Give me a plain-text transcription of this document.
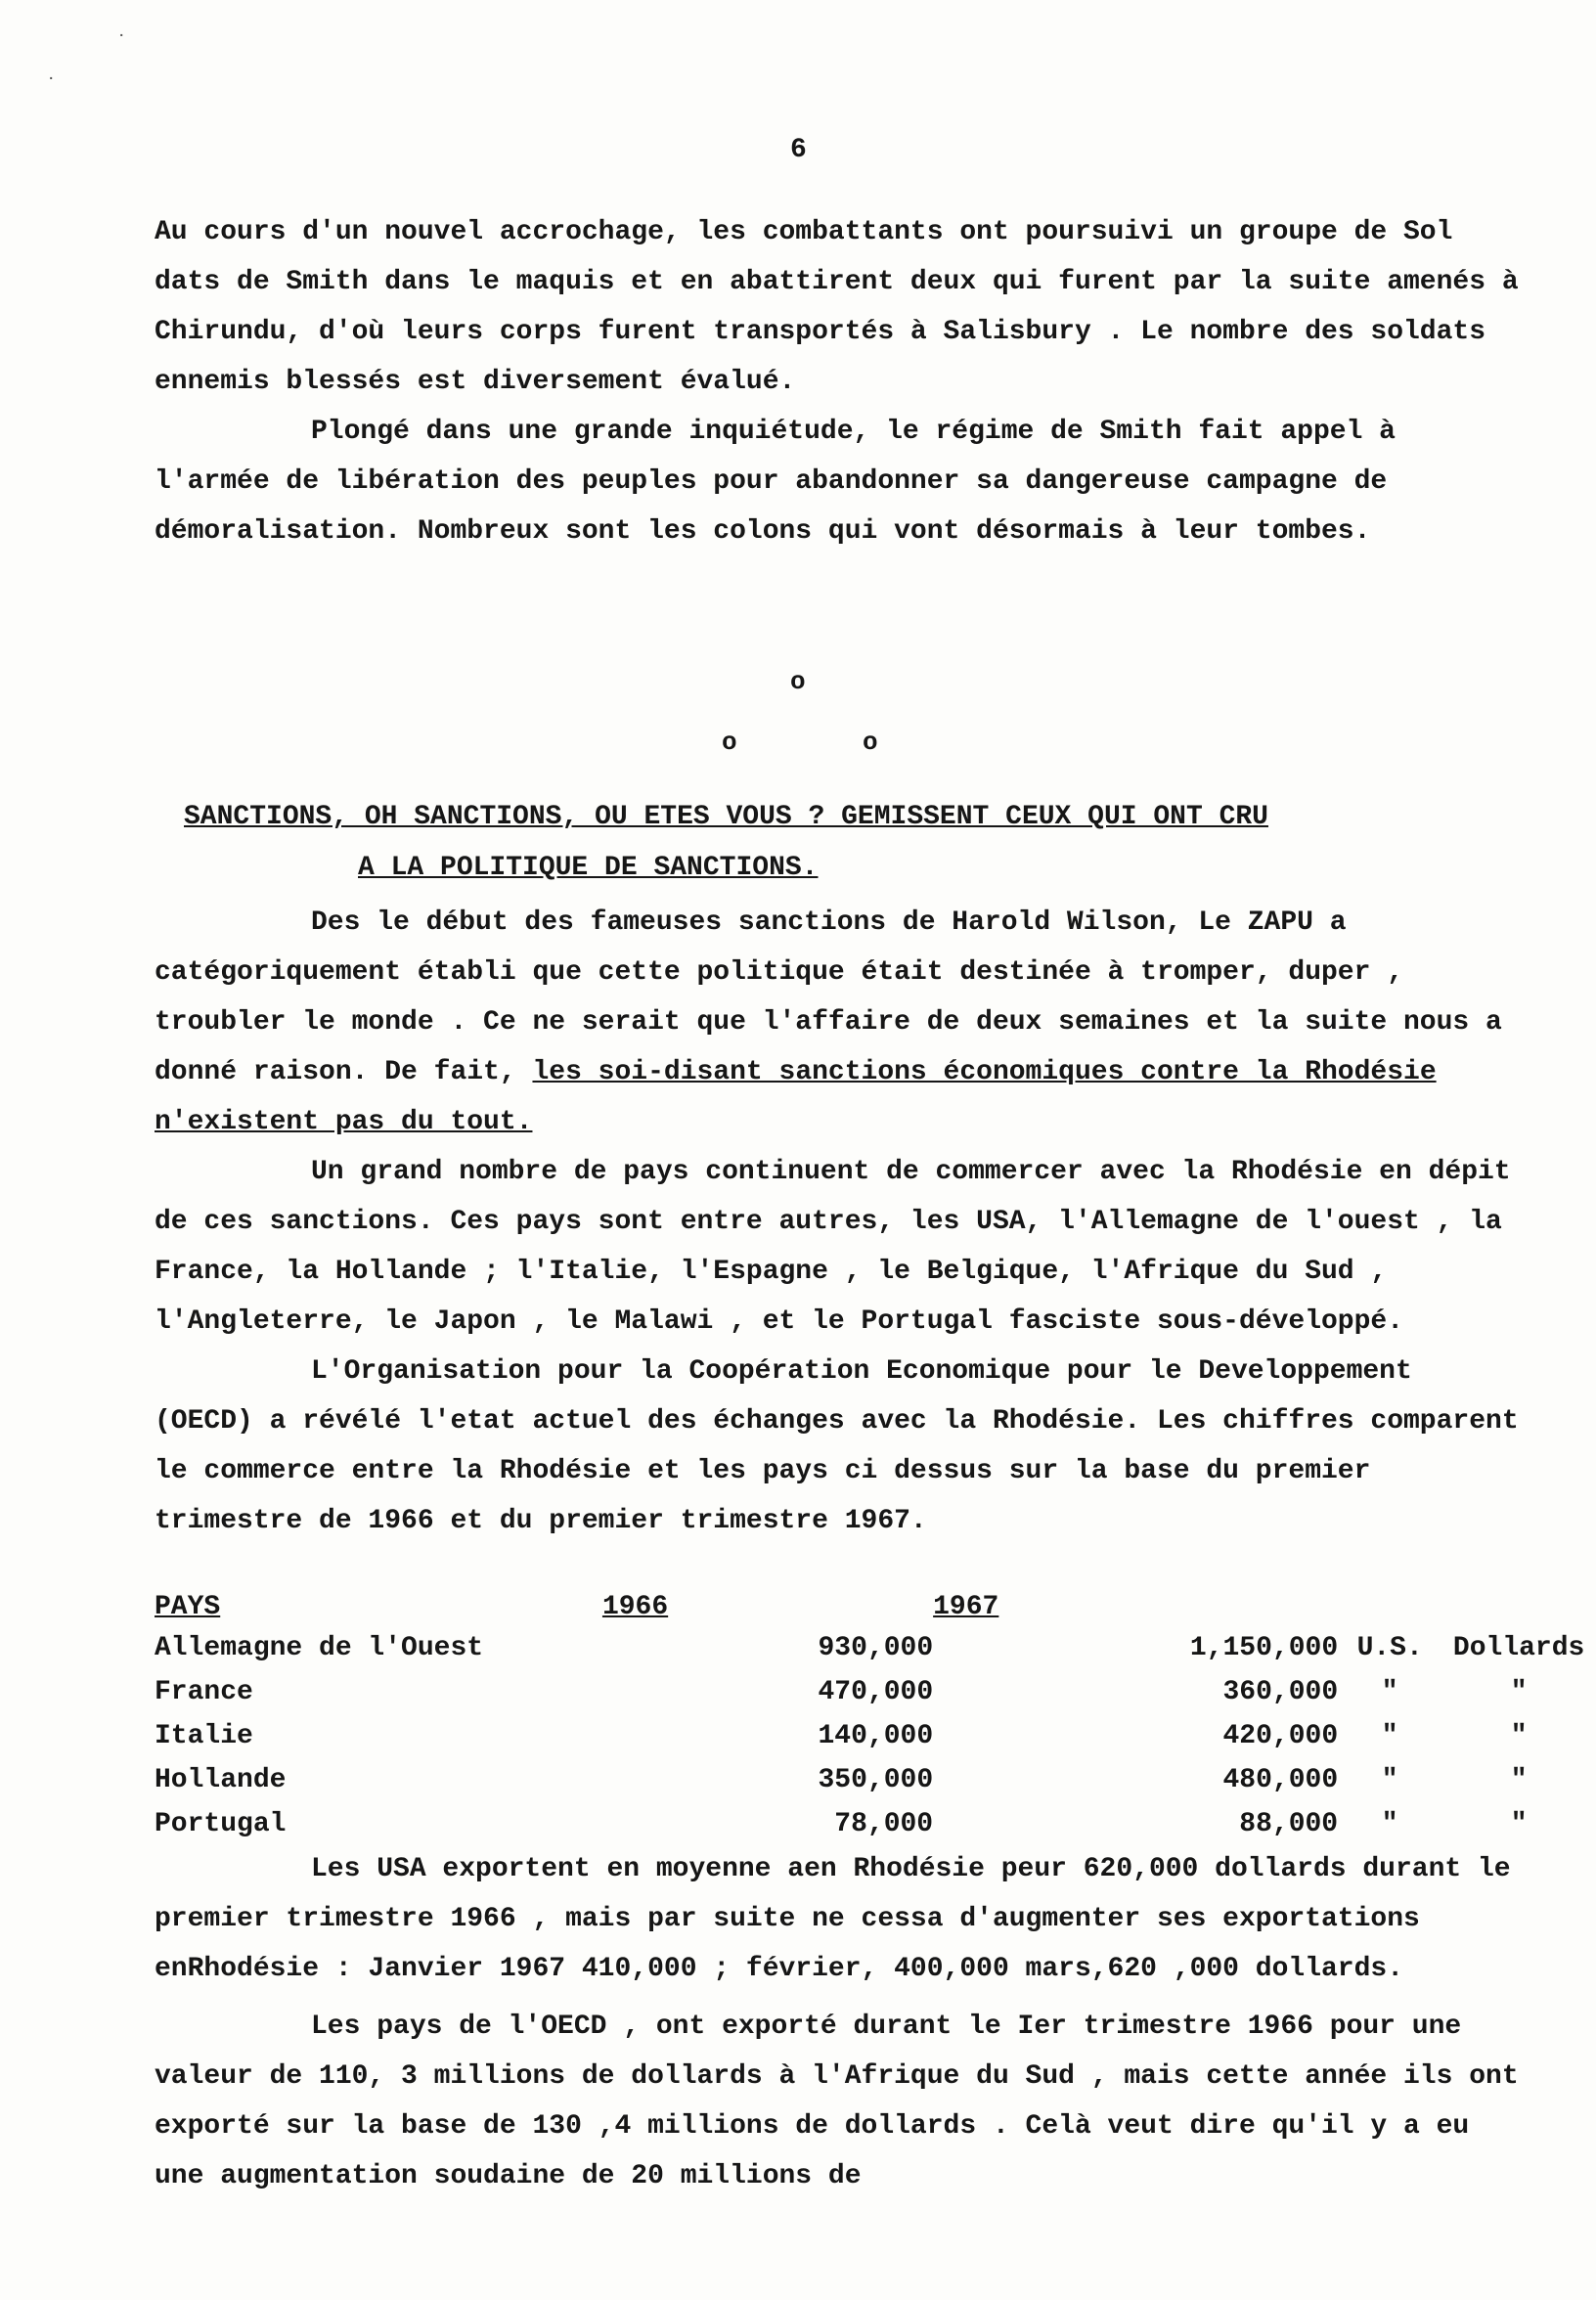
6

Au cours d'un nouvel accrochage, les combattants ont poursuivi un groupe de Sol dats de Smith dans le maquis et en abattirent deux qui furent par la suite amenés à Chirundu, d'où leurs corps furent transportés à Salisbury . Le nombre des soldats ennemis blessés est diversement évalué.

Plongé dans une grande inquiétude, le régime de Smith fait appel à l'armée de libération des peuples pour abandonner sa dangereuse campagne de démoralisation. Nombreux sont les colons qui vont désormais à leur tombes.

o
o	o
SANCTIONS, OH SANCTIONS, OU ETES VOUS ? GEMISSENT CEUX QUI ONT CRU
A LA POLITIQUE DE SANCTIONS.

Des le début des fameuses sanctions de Harold Wilson, Le ZAPU a catégoriquement établi que cette politique était destinée à tromper, duper , troubler le monde . Ce ne serait que l'affaire de deux semaines et la suite nous a donné raison. De fait, les soi-disant sanctions économiques contre la Rhodésie n'existent pas du tout.

Un grand nombre de pays continuent de commercer avec la Rhodésie en dépit de ces sanctions. Ces pays sont entre autres, les USA, l'Allemagne de l'ouest , la France, la Hollande ; l'Italie, l'Espagne , le Belgique, l'Afrique du Sud , l'Angleterre, le Japon , le Malawi , et le Portugal fasciste sous-développé.

L'Organisation pour la Coopération Economique pour le Developpement (OECD) a révélé l'etat actuel des échanges avec la Rhodésie. Les chiffres comparent le commerce entre la Rhodésie et les pays ci dessus sur la base du premier trimestre de 1966 et du premier trimestre 1967.

PAYS	1966	1967		
Allemagne de l'Ouest	930,000	1,150,000	U.S.	Dollards
France	470,000	360,000	"	"
Italie	140,000	420,000	"	"
Hollande	350,000	480,000	"	"
Portugal	78,000	88,000	"	"

Les USA exportent en moyenne aen Rhodésie peur 620,000 dollards durant le premier trimestre 1966 , mais par suite ne cessa d'augmenter ses exportations enRhodésie : Janvier 1967 410,000 ; février, 400,000 mars,620 ,000 dollards.

Les pays de l'OECD , ont exporté durant le Ier trimestre 1966 pour une valeur de 110, 3 millions de dollards à l'Afrique du Sud , mais cette année ils ont exporté sur la base de 130 ,4 millions de dollards . Celà veut dire qu'il y a eu une augmentation soudaine de 20 millions de

·
·
